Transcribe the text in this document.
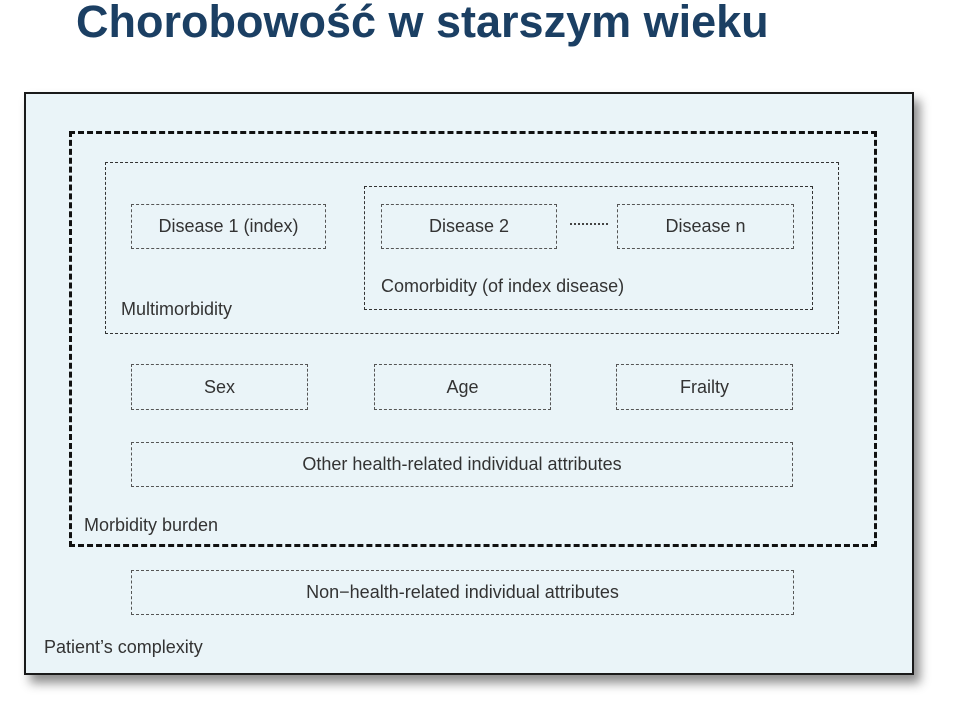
Chorobowość w starszym wieku
Disease 1 (index)	Disease 2	Disease n
Comorbidity (of index disease)
Multimorbidity
Sex	Age	Frailty
Other health-related individual attributes
Morbidity burden
Non−health-related individual attributes
Patient’s complexity
